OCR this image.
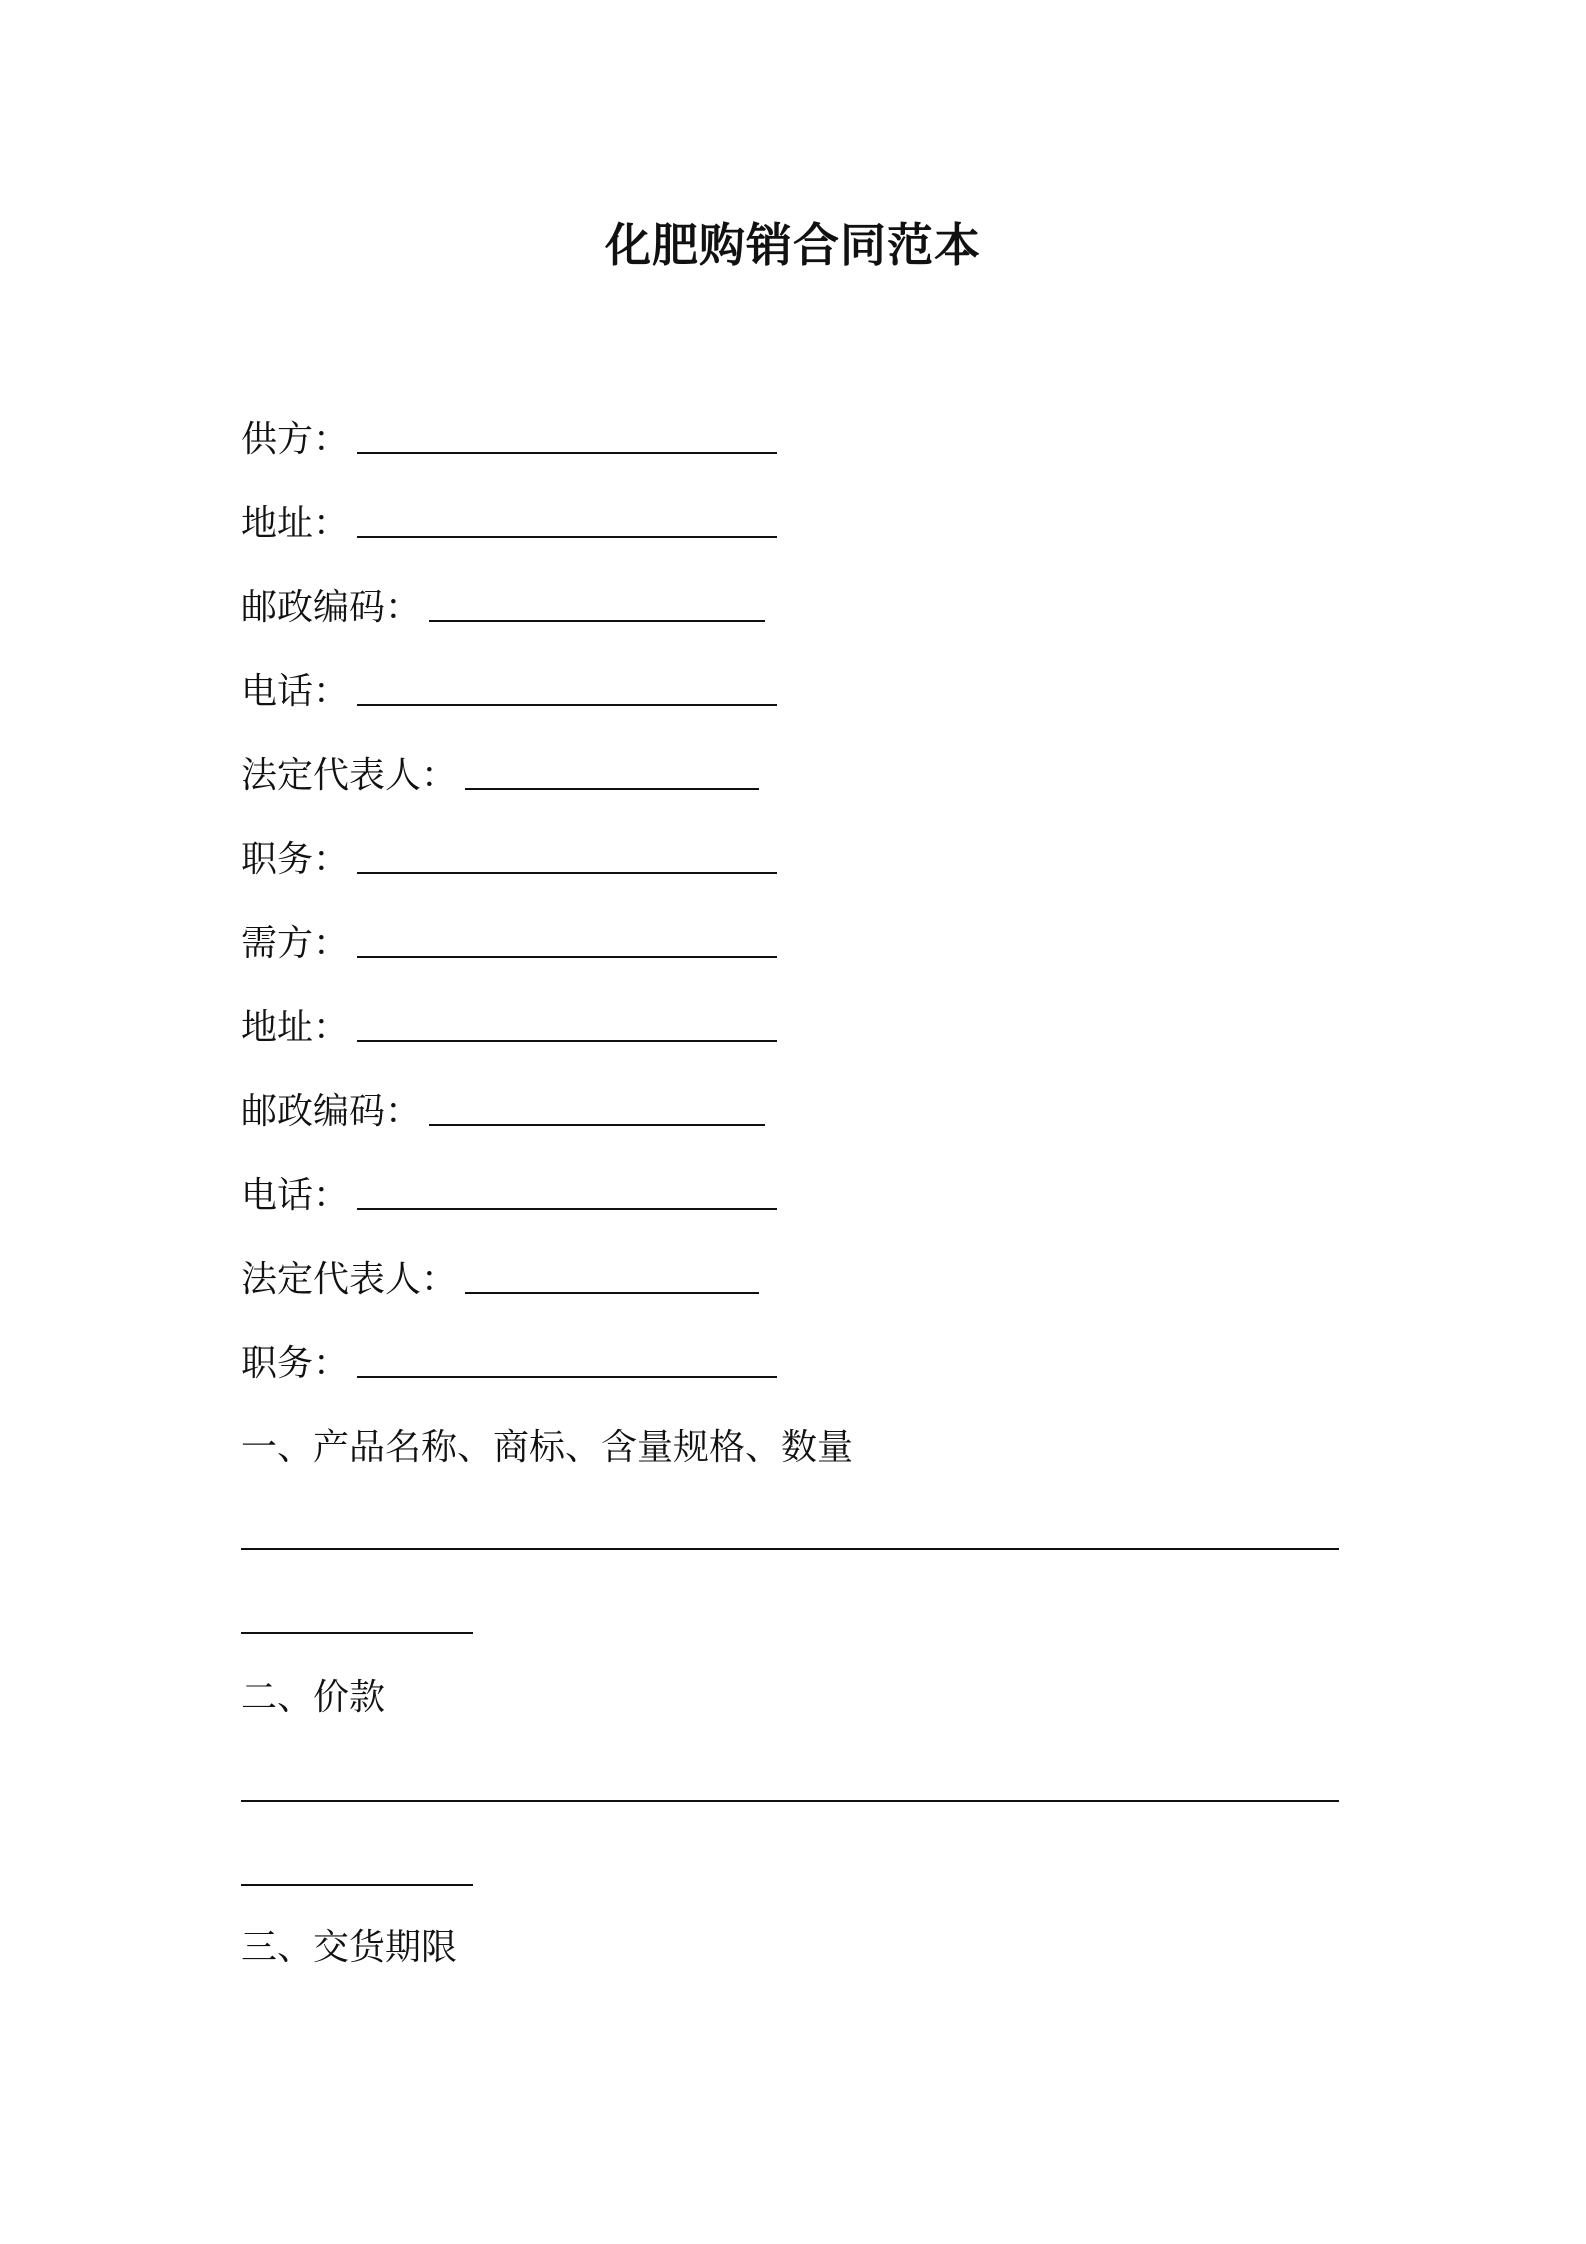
化肥购销合同范本
供方：
地址：
邮政编码：
电话：
法定代表人：
职务：
需方：
地址：
邮政编码：
电话：
法定代表人：
职务：

一、产品名称、商标、含量规格、数量

二、价款

三、交货期限
